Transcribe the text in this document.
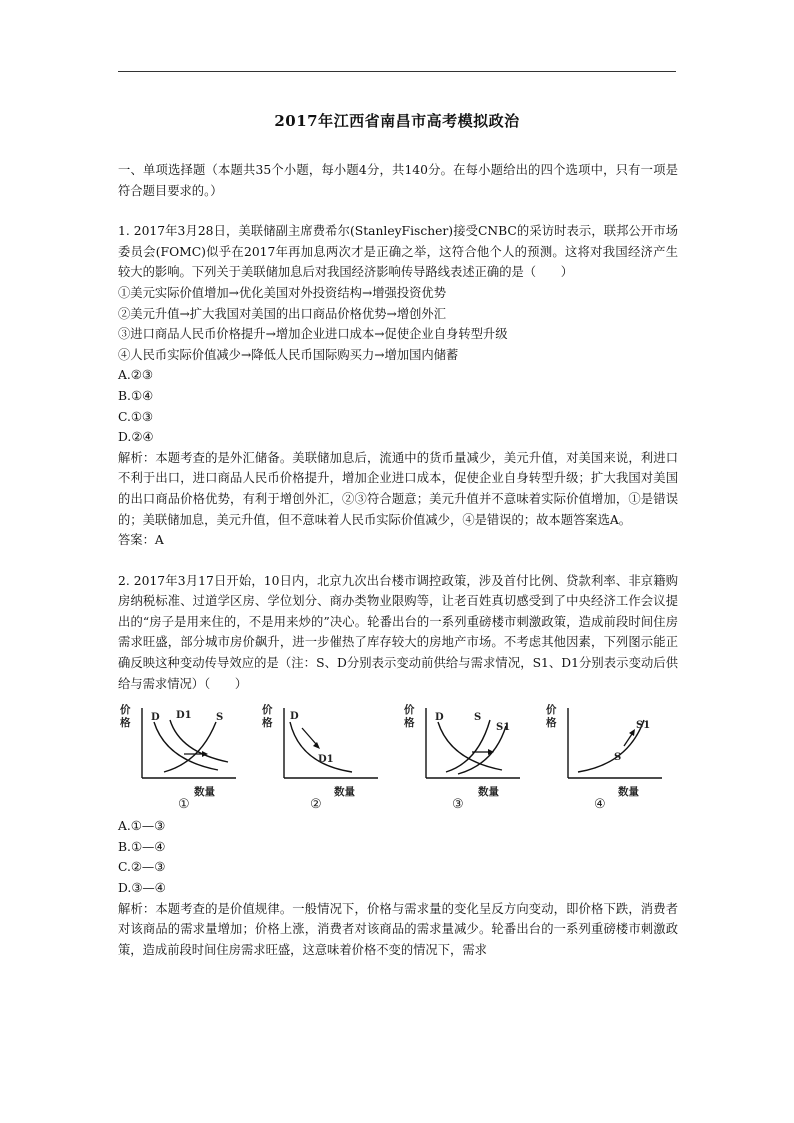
2017年江西省南昌市高考模拟政治

一、单项选择题（本题共35个小题，每小题4分，共140分。在每小题给出的四个选项中，只有一项是符合题目要求的。）

1. 2017年3月28日，美联储副主席费希尔(StanleyFischer)接受CNBC的采访时表示，联邦公开市场委员会(FOMC)似乎在2017年再加息两次才是正确之举，这符合他个人的预测。这将对我国经济产生较大的影响。下列关于美联储加息后对我国经济影响传导路线表述正确的是（　　）

①美元实际价值增加→优化美国对外投资结构→增强投资优势

②美元升值→扩大我国对美国的出口商品价格优势→增创外汇

③进口商品人民币价格提升→增加企业进口成本→促使企业自身转型升级

④人民币实际价值减少→降低人民币国际购买力→增加国内储蓄

A.②③

B.①④

C.①③

D.②④

解析：本题考查的是外汇储备。美联储加息后，流通中的货币量减少，美元升值，对美国来说，利进口不利于出口，进口商品人民币价格提升，增加企业进口成本，促使企业自身转型升级；扩大我国对美国的出口商品价格优势，有利于增创外汇，②③符合题意；美元升值并不意味着实际价值增加，①是错误的；美联储加息，美元升值，但不意味着人民币实际价值减少，④是错误的；故本题答案选A。

答案：A

2. 2017年3月17日开始，10日内，北京九次出台楼市调控政策，涉及首付比例、贷款利率、非京籍购房纳税标准、过道学区房、学位划分、商办类物业限购等，让老百姓真切感受到了中央经济工作会议提出的“房子是用来住的，不是用来炒的”决心。轮番出台的一系列重磅楼市刺激政策，造成前段时间住房需求旺盛，部分城市房价飙升，进一步催热了库存较大的房地产市场。不考虑其他因素，下列图示能正确反映这种变动传导效应的是（注：S、D分别表示变动前供给与需求情况，S1、D1分别表示变动后供给与需求情况）（　　）

价
格 D D1 S
数量
①
价
格
D
D1
数量
②
价
格 D	S
S1
数量
③
价
格	S1
S
数量
④

A.①—③

B.①—④

C.②—③

D.③—④

解析：本题考查的是价值规律。一般情况下，价格与需求量的变化呈反方向变动，即价格下跌，消费者对该商品的需求量增加；价格上涨，消费者对该商品的需求量减少。轮番出台的一系列重磅楼市刺激政策，造成前段时间住房需求旺盛，这意味着价格不变的情况下，需求
